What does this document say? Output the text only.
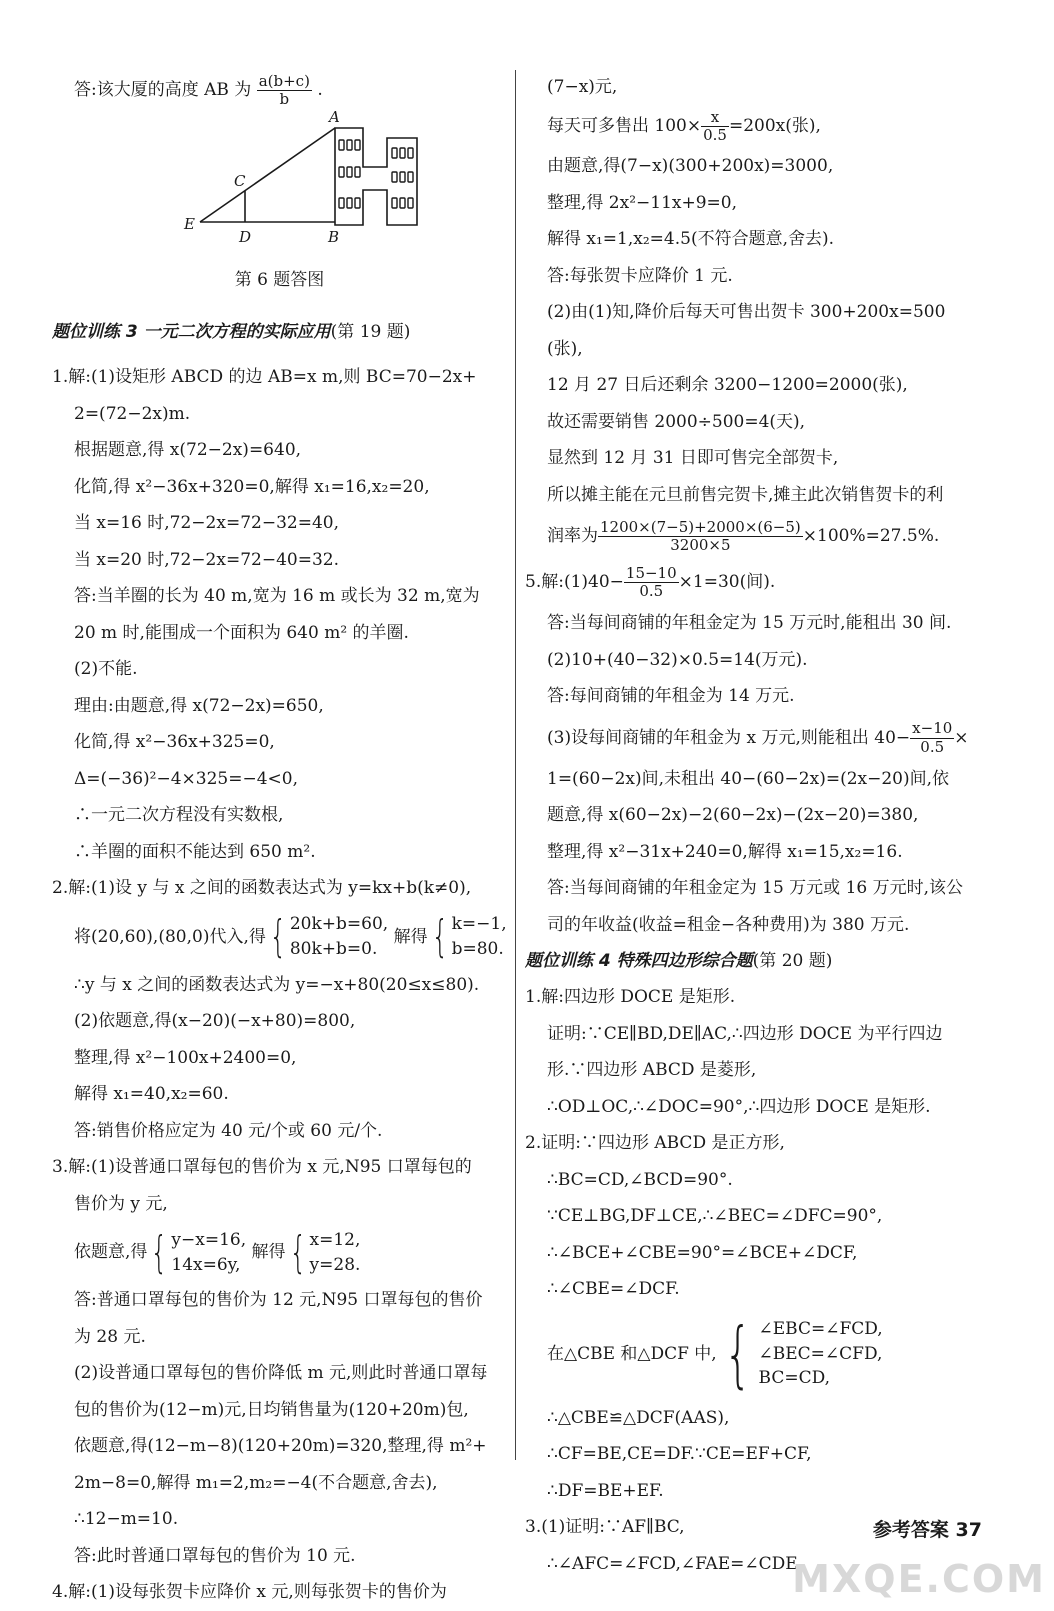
答:该大厦的高度 AB 为 $\frac{a(b+c)}{b}$ .
A
B
C
D
E
第 6 题答图
题位训练 3 一元二次方程的实际应用(第 19 题)
1.解:(1)设矩形 ABCD 的边 AB=x m,则 BC=70−2x+
2=(72−2x)m.
根据题意,得 x(72−2x)=640,
化简,得 x²−36x+320=0,解得 x₁=16,x₂=20,
当 x=16 时,72−2x=72−32=40,
当 x=20 时,72−2x=72−40=32.
答:当羊圈的长为 40 m,宽为 16 m 或长为 32 m,宽为
20 m 时,能围成一个面积为 640 m² 的羊圈.
(2)不能.
理由:由题意,得 x(72−2x)=650,
化简,得 x²−36x+325=0,
Δ=(−36)²−4×325=−4<0,
∴一元二次方程没有实数根,
∴羊圈的面积不能达到 650 m².
2.解:(1)设 y 与 x 之间的函数表达式为 y=kx+b(k≠0),
将(20,60),(80,0)代入,得 { 20k+b=60,
80k+b=0.
解得 { k=−1,
b=80.
∴y 与 x 之间的函数表达式为 y=−x+80(20≤x≤80).
(2)依题意,得(x−20)(−x+80)=800,
整理,得 x²−100x+2400=0,
解得 x₁=40,x₂=60.
答:销售价格应定为 40 元/个或 60 元/个.
3.解:(1)设普通口罩每包的售价为 x 元,N95 口罩每包的
售价为 y 元,
依题意,得 { y−x=16,
14x=6y,
解得 { x=12,
y=28.
答:普通口罩每包的售价为 12 元,N95 口罩每包的售价
为 28 元.
(2)设普通口罩每包的售价降低 m 元,则此时普通口罩每
包的售价为(12−m)元,日均销售量为(120+20m)包,
依题意,得(12−m−8)(120+20m)=320,整理,得 m²+
2m−8=0,解得 m₁=2,m₂=−4(不合题意,舍去),
∴12−m=10.
答:此时普通口罩每包的售价为 10 元.
4.解:(1)设每张贺卡应降价 x 元,则每张贺卡的售价为
(7−x)元,
每天可多售出 $100\times \frac{x}{0.5} =200x$(张),
由题意,得(7−x)(300+200x)=3000,
整理,得 2x²−11x+9=0,
解得 x₁=1,x₂=4.5(不符合题意,舍去).
答:每张贺卡应降价 1 元.
(2)由(1)知,降价后每天可售出贺卡 300+200x=500
(张),
12 月 27 日后还剩余 3200−1200=2000(张),
故还需要销售 2000÷500=4(天),
显然到 12 月 31 日即可售完全部贺卡,
所以摊主能在元旦前售完贺卡,摊主此次销售贺卡的利
润率为 $\frac{1200\times(7-5)+2000\times(6-5)}{3200\times 5} \times 100\%=27.5\%$.
5.解:(1)40− $\frac{15-10}{0.5} \times 1=30$(间).
答:当每间商铺的年租金定为 15 万元时,能租出 30 间.
(2)10+(40−32)×0.5=14(万元).
答:每间商铺的年租金为 14 万元.
(3)设每间商铺的年租金为 x 万元,则能租出 $40- \frac{x-10}{0.5}$ ×
1=(60−2x)间,未租出 40−(60−2x)=(2x−20)间,依
题意,得 x(60−2x)−2(60−2x)−(2x−20)=380,
整理,得 x²−31x+240=0,解得 x₁=15,x₂=16.
答:当每间商铺的年租金定为 15 万元或 16 万元时,该公
司的年收益(收益=租金−各种费用)为 380 万元.
题位训练 4 特殊四边形综合题(第 20 题)
1.解:四边形 DOCE 是矩形.
证明:∵CE∥BD,DE∥AC,∴四边形 DOCE 为平行四边
形.∵四边形 ABCD 是菱形,
∴OD⊥OC,∴∠DOC=90°,∴四边形 DOCE 是矩形.
2.证明:∵四边形 ABCD 是正方形,
∴BC=CD,∠BCD=90°.
∵CE⊥BG,DF⊥CE,∴∠BEC=∠DFC=90°,
∴∠BCE+∠CBE=90°=∠BCE+∠DCF,
∴∠CBE=∠DCF.
在△CBE 和△DCF 中, { ∠EBC=∠FCD,
∠BEC=∠CFD,
BC=CD,
∴△CBE≌△DCF(AAS),
∴CF=BE,CE=DF.∵CE=EF+CF,
∴DF=BE+EF.
3.(1)证明:∵AF∥BC,
∴∠AFC=∠FCD,∠FAE=∠CDE.
参考答案 37
MXQE.COM
